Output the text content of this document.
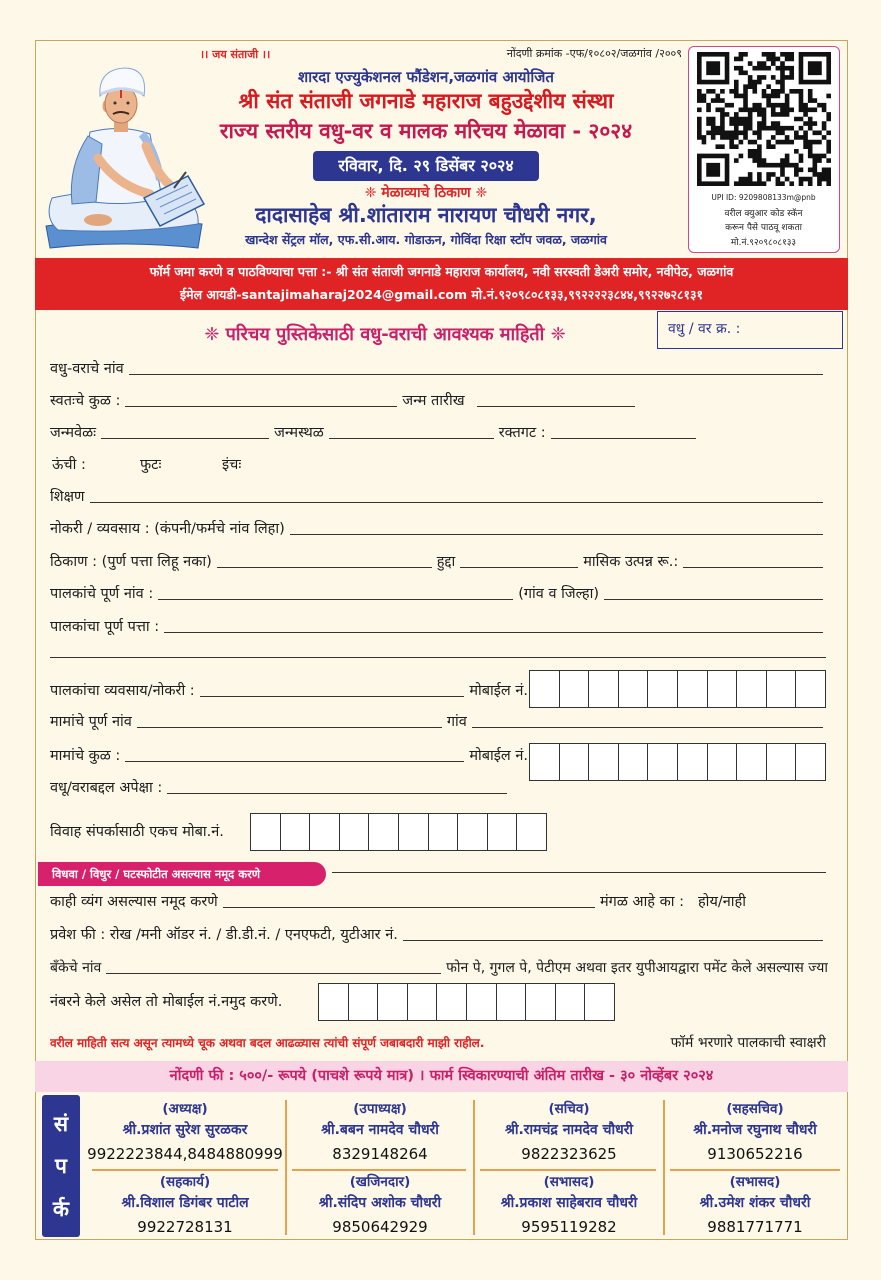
।। जय संताजी ।।	नोंदणी क्रमांक -एफ/१०८०२/जळगांव /२००९
शारदा एज्युकेशनल फौंडेशन,जळगांव आयोजित
श्री संत संताजी जगनाडे महाराज बहुउद्देशीय संस्था
राज्य स्तरीय वधु-वर व मालक मरिचय मेळावा - २०२४
रविवार, दि. २९ डिसेंबर २०२४
❈ मेळाव्याचे ठिकाण ❈
दादासाहेब श्री.शांताराम नारायण चौधरी नगर,
खान्देश सेंट्रल मॉल, एफ.सी.आय. गोडाऊन, गोविंदा रिक्षा स्टॉप जवळ, जळगांव
UPI ID: 9209808133m@pnb
वरील क्युआर कोड स्कॅन
करून पैसे पाठवू शकता
मो.नं.९२०९८०८१३३
फॉर्म जमा करणे व पाठविण्याचा पत्ता :- श्री संत संताजी जगनाडे महाराज कार्यालय, नवी सरस्वती डेअरी समोर, नवीपेठ, जळगांव
ईमेल आयडी-santajimaharaj2024@gmail.com मो.नं.९२०९८०८१३३,९९२२२२३८४४,९९२२७२८१३१
❈ परिचय पुस्तिकेसाठी वधु-वराची आवश्यक माहिती ❈	वधु / वर क्र. :
वधु-वराचे नांव
स्वतःचे कुळ :	जन्म तारीख
जन्मवेळः	जन्मस्थळ	रक्तगट :
ऊंची :	फुटः	इंचः
शिक्षण
नोकरी / व्यवसाय : (कंपनी/फर्मचे नांव लिहा)
ठिकाण : (पुर्ण पत्ता लिहू नका)	हुद्दा	मासिक उत्पन्न रू.:
पालकांचे पूर्ण नांव :	(गांव व जिल्हा)
पालकांचा पूर्ण पत्ता :
पालकांचा व्यवसाय/नोकरी :	मोबाईल नं.
मामांचे पूर्ण नांव	गांव
मामांचे कुळ :	मोबाईल नं.
वधू/वराबद्दल अपेक्षा :
विवाह संपर्कासाठी एकच मोबा.नं.
विधवा / विधुर / घटस्फोटीत असल्यास नमूद करणे
काही व्यंग असल्यास नमूद करणे	मंगळ आहे का : होय/नाही
प्रवेश फी : रोख /मनी ऑडर नं. / डी.डी.नं. / एनएफटी, युटीआर नं.
बँकेचे नांव	फोन पे, गुगल पे, पेटीएम अथवा इतर युपीआयद्वारा पमेंट केले असल्यास ज्या
नंबरने केले असेल तो मोबाईल नं.नमुद करणे.
वरील माहिती सत्य असून त्यामध्ये चूक अथवा बदल आढळ्यास त्यांची संपूर्ण जबाबदारी माझी राहील.	फॉर्म भरणारे पालकाची स्वाक्षरी
नोंदणी फी : ५००/- रूपये (पाचशे रूपये मात्र) । फार्म स्विकारण्याची अंतिम तारीख - ३० नोव्हेंबर २०२४
सं
प
र्क
(अध्यक्ष)
श्री.प्रशांत सुरेश सुरळकर
9922223844,8484880999
(उपाध्यक्ष)
श्री.बबन नामदेव चौधरी
8329148264
(सचिव)
श्री.रामचंद्र नामदेव चौधरी
9822323625
(सहसचिव)
श्री.मनोज रघुनाथ चौधरी
9130652216
(सहकार्य)
श्री.विशाल डिगंबर पाटील
9922728131
(खजिनदार)
श्री.संदिप अशोक चौधरी
9850642929
(सभासद)
श्री.प्रकाश साहेबराव चौधरी
9595119282
(सभासद)
श्री.उमेश शंकर चौधरी
9881771771
